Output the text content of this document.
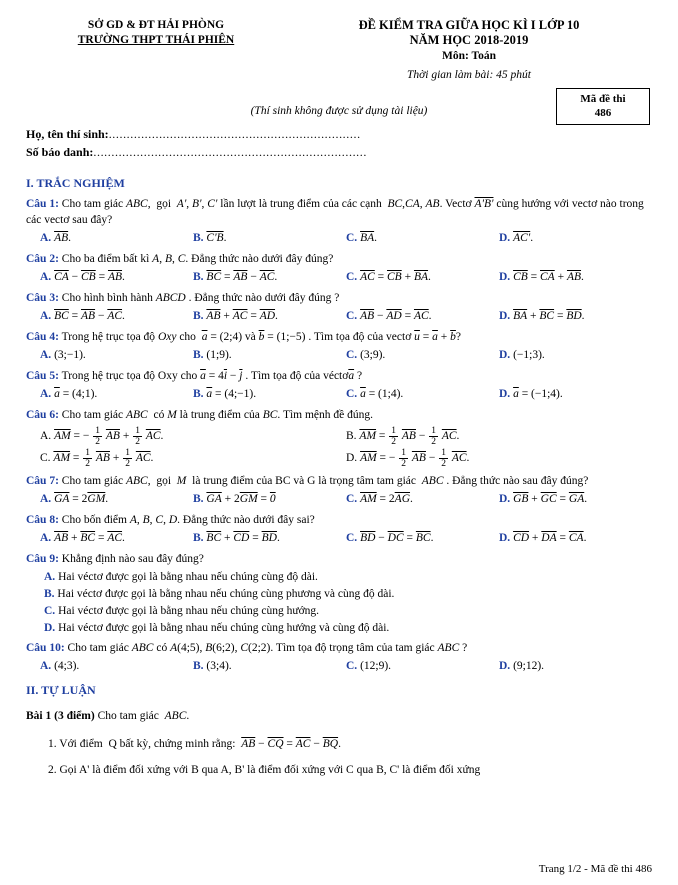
SỞ GD & ĐT HẢI PHÒNG
TRƯỜNG THPT THÁI PHIÊN
ĐỀ KIỂM TRA GIỮA HỌC KÌ I LỚP 10
NĂM HỌC 2018-2019
Môn: Toán
Thời gian làm bài: 45 phút
Mã đề thi
486
(Thí sinh không được sử dụng tài liệu)
Họ, tên thí sinh:......................................................................
Số báo danh:............................................................................
I. TRẮC NGHIỆM
Câu 1: Cho tam giác ABC,  gọi  A', B', C' lần lượt là trung điểm của các cạnh  BC,CA, AB. Vectơ A'B' cùng hướng với vectơ nào trong các vectơ sau đây?
A. $\overline{AB}$.	B. C'B.	C. $\overline{BA}$.	D. AC'.
Câu 2: Cho ba điểm bất kì A, B, C. Đẳng thức nào dưới đây đúng?
A. $\overline{CA} - \overline{CB} = \overline{AB}$.	B. $\overline{BC} = \overline{AB} - \overline{AC}$.	C. $\overline{AC} = \overline{CB} + \overline{BA}$.	D. $\overline{CB} = \overline{CA} + \overline{AB}$.
Câu 3: Cho hình bình hành ABCD . Đẳng thức nào dưới đây đúng ?
A. $\overline{BC} = \overline{AB} - \overline{AC}$.	B. $\overline{AB} + \overline{AC} = \overline{AD}$.	C. $\overline{AB} - \overline{AD} = \overline{AC}$.	D. $\overline{BA} + \overline{BC} = \overline{BD}$.
Câu 4: Trong hệ trục tọa độ Oxy cho  $\overline{a}$ = (2;4) và $\overline{b}$ = (1;−5) . Tìm tọa độ của vectơ $\overline{u} = \overline{a} + \overline{b}$?
A. (3;−1).	B. (1;9).	C. (3;9).	D. (−1;3).
Câu 5: Trong hệ trục tọa độ Oxy cho $\overline{a} = 4\overline{i} - \overline{j}$ . Tìm tọa độ của $véctơ\overline{a}$ ?
A. $\overline{a}$ = (4;1).	B. $\overline{a}$ = (4;−1).	C. $\overline{a}$ = (1;4).	D. $\overline{a}$ = (−1;4).
Câu 6: Cho tam giác ABC  có M là trung điểm của BC. Tìm mệnh đề đúng.
A. $\overline{AM}$ = − $\frac{1}{2} \overline{AB} + \frac{1}{2} \overline{AC}$.	B. $\overline{AM} = \frac{1}{2} \overline{AB} - \frac{1}{2} \overline{AC}$.
C. $\overline{AM} = \frac{1}{2} \overline{AB} + \frac{1}{2} \overline{AC}$.	D. $\overline{AM}$ = − $\frac{1}{2} \overline{AB} - \frac{1}{2} \overline{AC}$.
Câu 7: Cho tam giác ABC,  gọi  M  là trung điểm của BC và G là trọng tâm tam giác  ABC . Đẳng thức nào sau đây đúng?
A. $\overline{GA} = 2\overline{GM}$.	B. $\overline{GA} + 2\overline{GM} = 0$	C. $\overline{AM} = 2\overline{AG}$.	D. $\overline{GB} + \overline{GC} = \overline{GA}$.
Câu 8: Cho bốn điểm A, B, C, D. Đẳng thức nào dưới đây sai?
A. $\overline{AB} + \overline{BC} = \overline{AC}$.	B. $\overline{BC} + \overline{CD} = \overline{BD}$.	C. $\overline{BD} - \overline{DC} = \overline{BC}$.	D. $\overline{CD} + \overline{DA} = \overline{CA}$.
Câu 9: Khẳng định nào sau đây đúng?
A. Hai véctơ được gọi là bằng nhau nếu chúng cùng độ dài.
B. Hai véctơ được gọi là bằng nhau nếu chúng cùng phương và cùng độ dài.
C. Hai véctơ được gọi là bằng nhau nếu chúng cùng hướng.
D. Hai véctơ được gọi là bằng nhau nếu chúng cùng hướng và cùng độ dài.
Câu 10: Cho tam giác ABC có A(4;5), B(6;2), C(2;2). Tìm tọa độ trọng tâm của tam giác ABC ?
A. (4;3).	B. (3;4).	C. (12;9).	D. (9;12).
II. TỰ LUẬN
Bài 1 (3 điểm) Cho tam giác  ABC.
1. Với điểm  Q bất kỳ, chứng minh rằng:  $\overline{AB} - \overline{CQ} = \overline{AC} - \overline{BQ}$.
2. Gọi A' là điểm đối xứng với B qua A, B' là điểm đối xứng với C qua B, C' là điểm đối xứng
Trang 1/2 - Mã đề thi 486
